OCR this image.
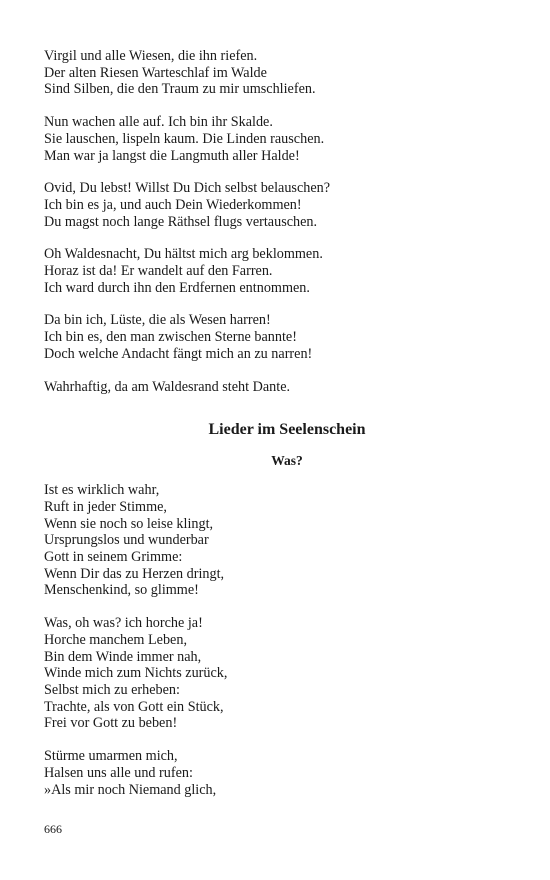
Virgil und alle Wiesen, die ihn riefen.
Der alten Riesen Warteschlaf im Walde
Sind Silben, die den Traum zu mir umschliefen.
Nun wachen alle auf. Ich bin ihr Skalde.
Sie lauschen, lispeln kaum. Die Linden rauschen.
Man war ja langst die Langmuth aller Halde!
Ovid, Du lebst! Willst Du Dich selbst belauschen?
Ich bin es ja, und auch Dein Wiederkommen!
Du magst noch lange Räthsel flugs vertauschen.
Oh Waldesnacht, Du hältst mich arg beklommen.
Horaz ist da! Er wandelt auf den Farren.
Ich ward durch ihn den Erdfernen entnommen.
Da bin ich, Lüste, die als Wesen harren!
Ich bin es, den man zwischen Sterne bannte!
Doch welche Andacht fängt mich an zu narren!
Wahrhaftig, da am Waldesrand steht Dante.
Lieder im Seelenschein
Was?
Ist es wirklich wahr,
Ruft in jeder Stimme,
Wenn sie noch so leise klingt,
Ursprungslos und wunderbar
Gott in seinem Grimme:
Wenn Dir das zu Herzen dringt,
Menschenkind, so glimme!
Was, oh was? ich horche ja!
Horche manchem Leben,
Bin dem Winde immer nah,
Winde mich zum Nichts zurück,
Selbst mich zu erheben:
Trachte, als von Gott ein Stück,
Frei vor Gott zu beben!
Stürme umarmen mich,
Halsen uns alle und rufen:
»Als mir noch Niemand glich,
666
